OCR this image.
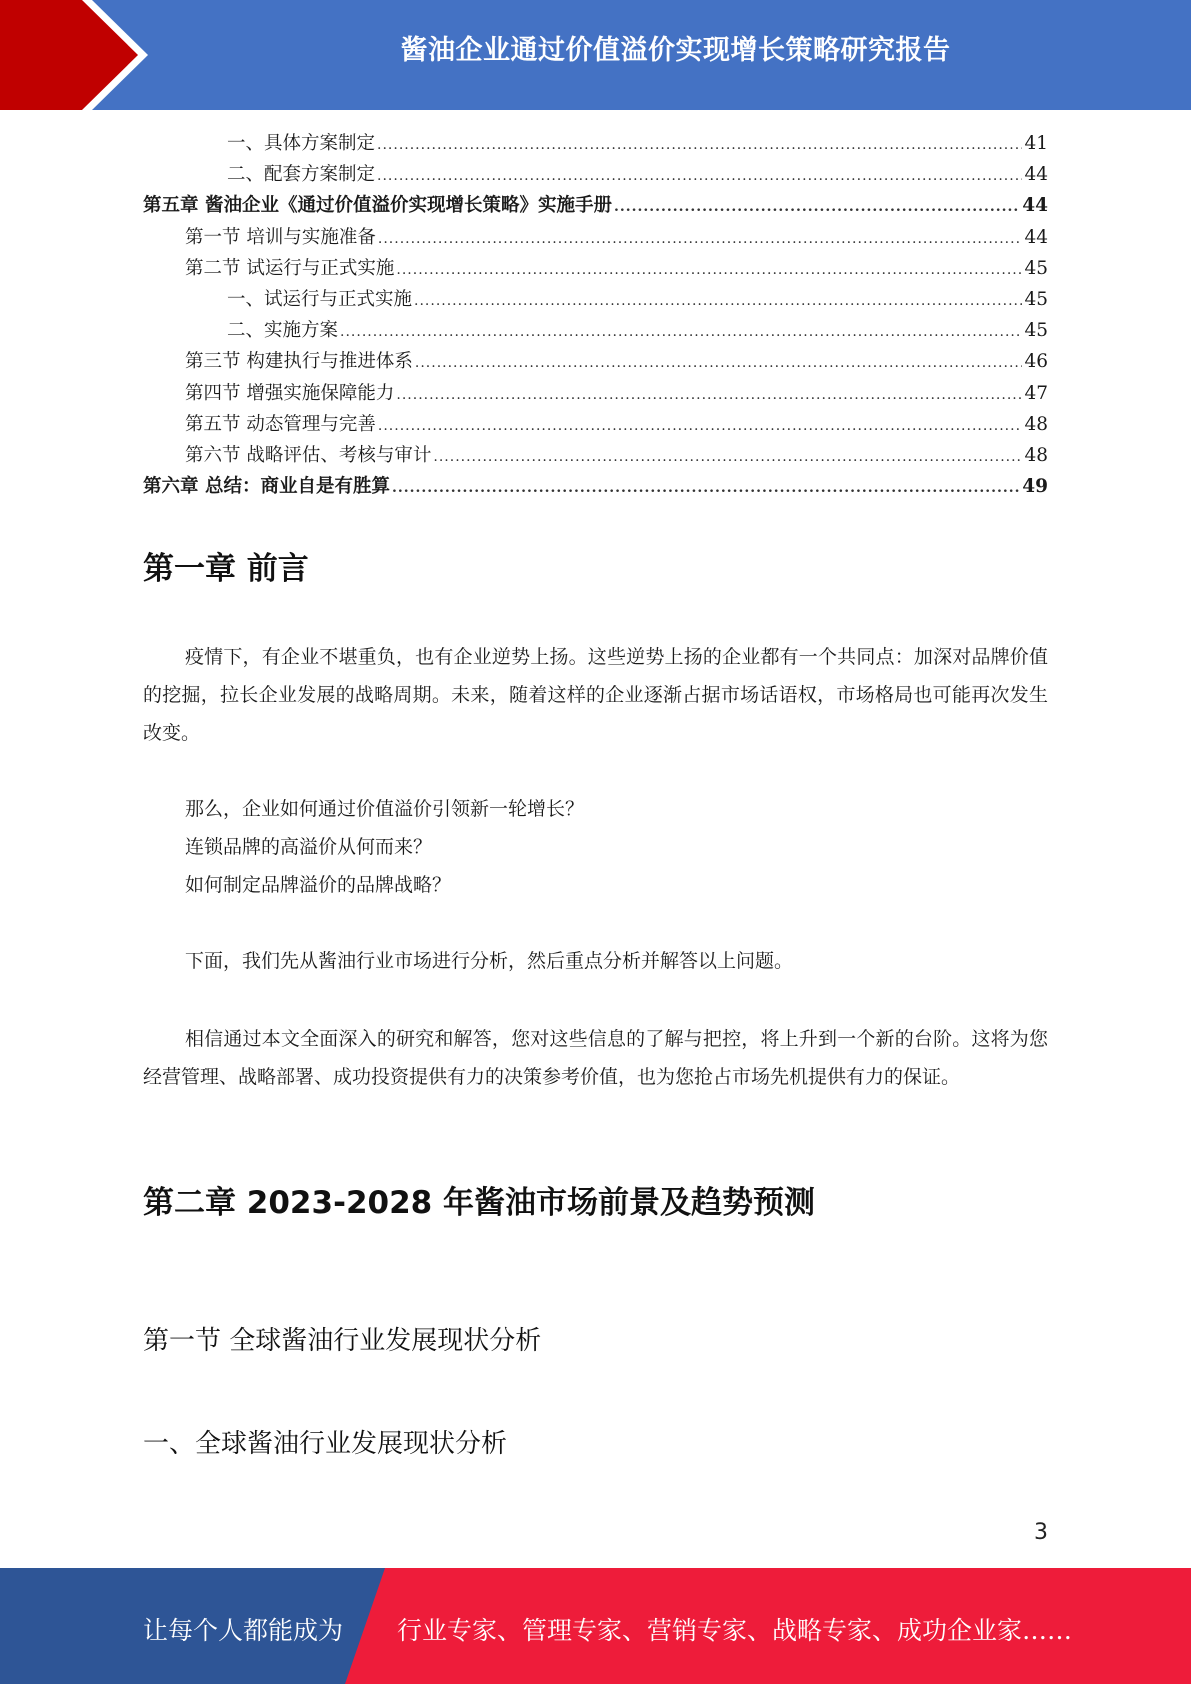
酱油企业通过价值溢价实现增长策略研究报告
一、具体方案制定 .....	41
二、配套方案制定 .....	44
第五章 酱油企业《通过价值溢价实现增长策略》实施手册 .....	44
第一节 培训与实施准备 .....	44
第二节 试运行与正式实施 .....	45
一、试运行与正式实施 .....	45
二、实施方案 .....	45
第三节 构建执行与推进体系 .....	46
第四节 增强实施保障能力 .....	47
第五节 动态管理与完善 .....	48
第六节 战略评估、考核与审计 .....	48
第六章 总结：商业自是有胜算 .....	49
第一章 前言
疫情下，有企业不堪重负，也有企业逆势上扬。这些逆势上扬的企业都有一个共同点：加深对品牌价值的挖掘，拉长企业发展的战略周期。未来，随着这样的企业逐渐占据市场话语权，市场格局也可能再次发生改变。
那么，企业如何通过价值溢价引领新一轮增长？
连锁品牌的高溢价从何而来？
如何制定品牌溢价的品牌战略？
下面，我们先从酱油行业市场进行分析，然后重点分析并解答以上问题。
相信通过本文全面深入的研究和解答，您对这些信息的了解与把控，将上升到一个新的台阶。这将为您经营管理、战略部署、成功投资提供有力的决策参考价值，也为您抢占市场先机提供有力的保证。
第二章 2023-2028 年酱油市场前景及趋势预测
第一节 全球酱油行业发展现状分析
一、全球酱油行业发展现状分析
3
让每个人都能成为 行业专家、管理专家、营销专家、战略专家、成功企业家……
